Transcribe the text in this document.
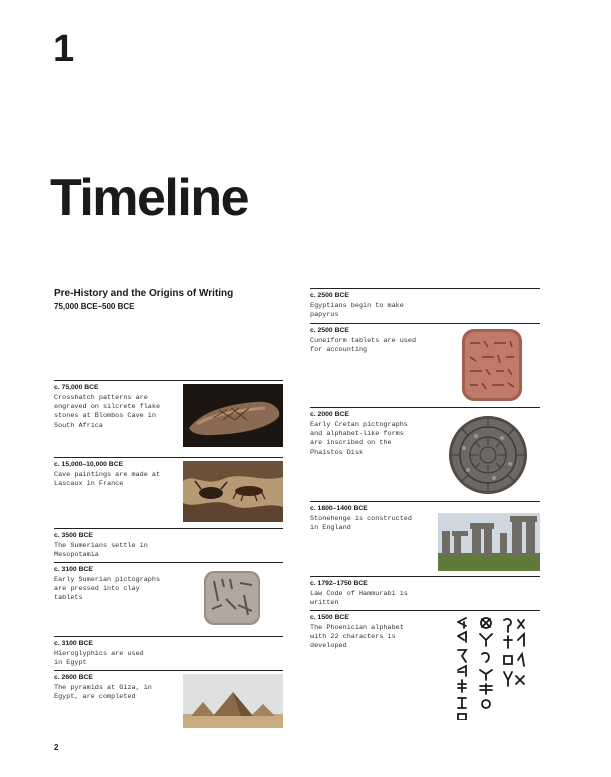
1
Timeline
Pre-History and the Origins of Writing
75,000 BCE–500 BCE
c. 75,000 BCE
Crosshatch patterns are
engraved on silcrete flake
stones at Blombos Cave in
South Africa
c. 15,000–10,000 BCE
Cave paintings are made at
Lascaux in France
c. 3500 BCE
The Sumerians settle in
Mesopotamia
c. 3100 BCE
Early Sumerian pictographs
are pressed into clay
tablets
c. 3100 BCE
Hieroglyphics are used
in Egypt
c. 2600 BCE
The pyramids at Giza, in
Egypt, are completed
c. 2500 BCE
Egyptians begin to make
papyrus
c. 2500 BCE
Cuneiform tablets are used
for accounting
c. 2000 BCE
Early Cretan pictographs
and alphabet-like forms
are inscribed on the
Phaistos Disk
c. 1800–1400 BCE
Stonehenge is constructed
in England
c. 1792–1750 BCE
Law Code of Hammurabi is
written
c. 1500 BCE
The Phoenician alphabet
with 22 characters is
developed
2
